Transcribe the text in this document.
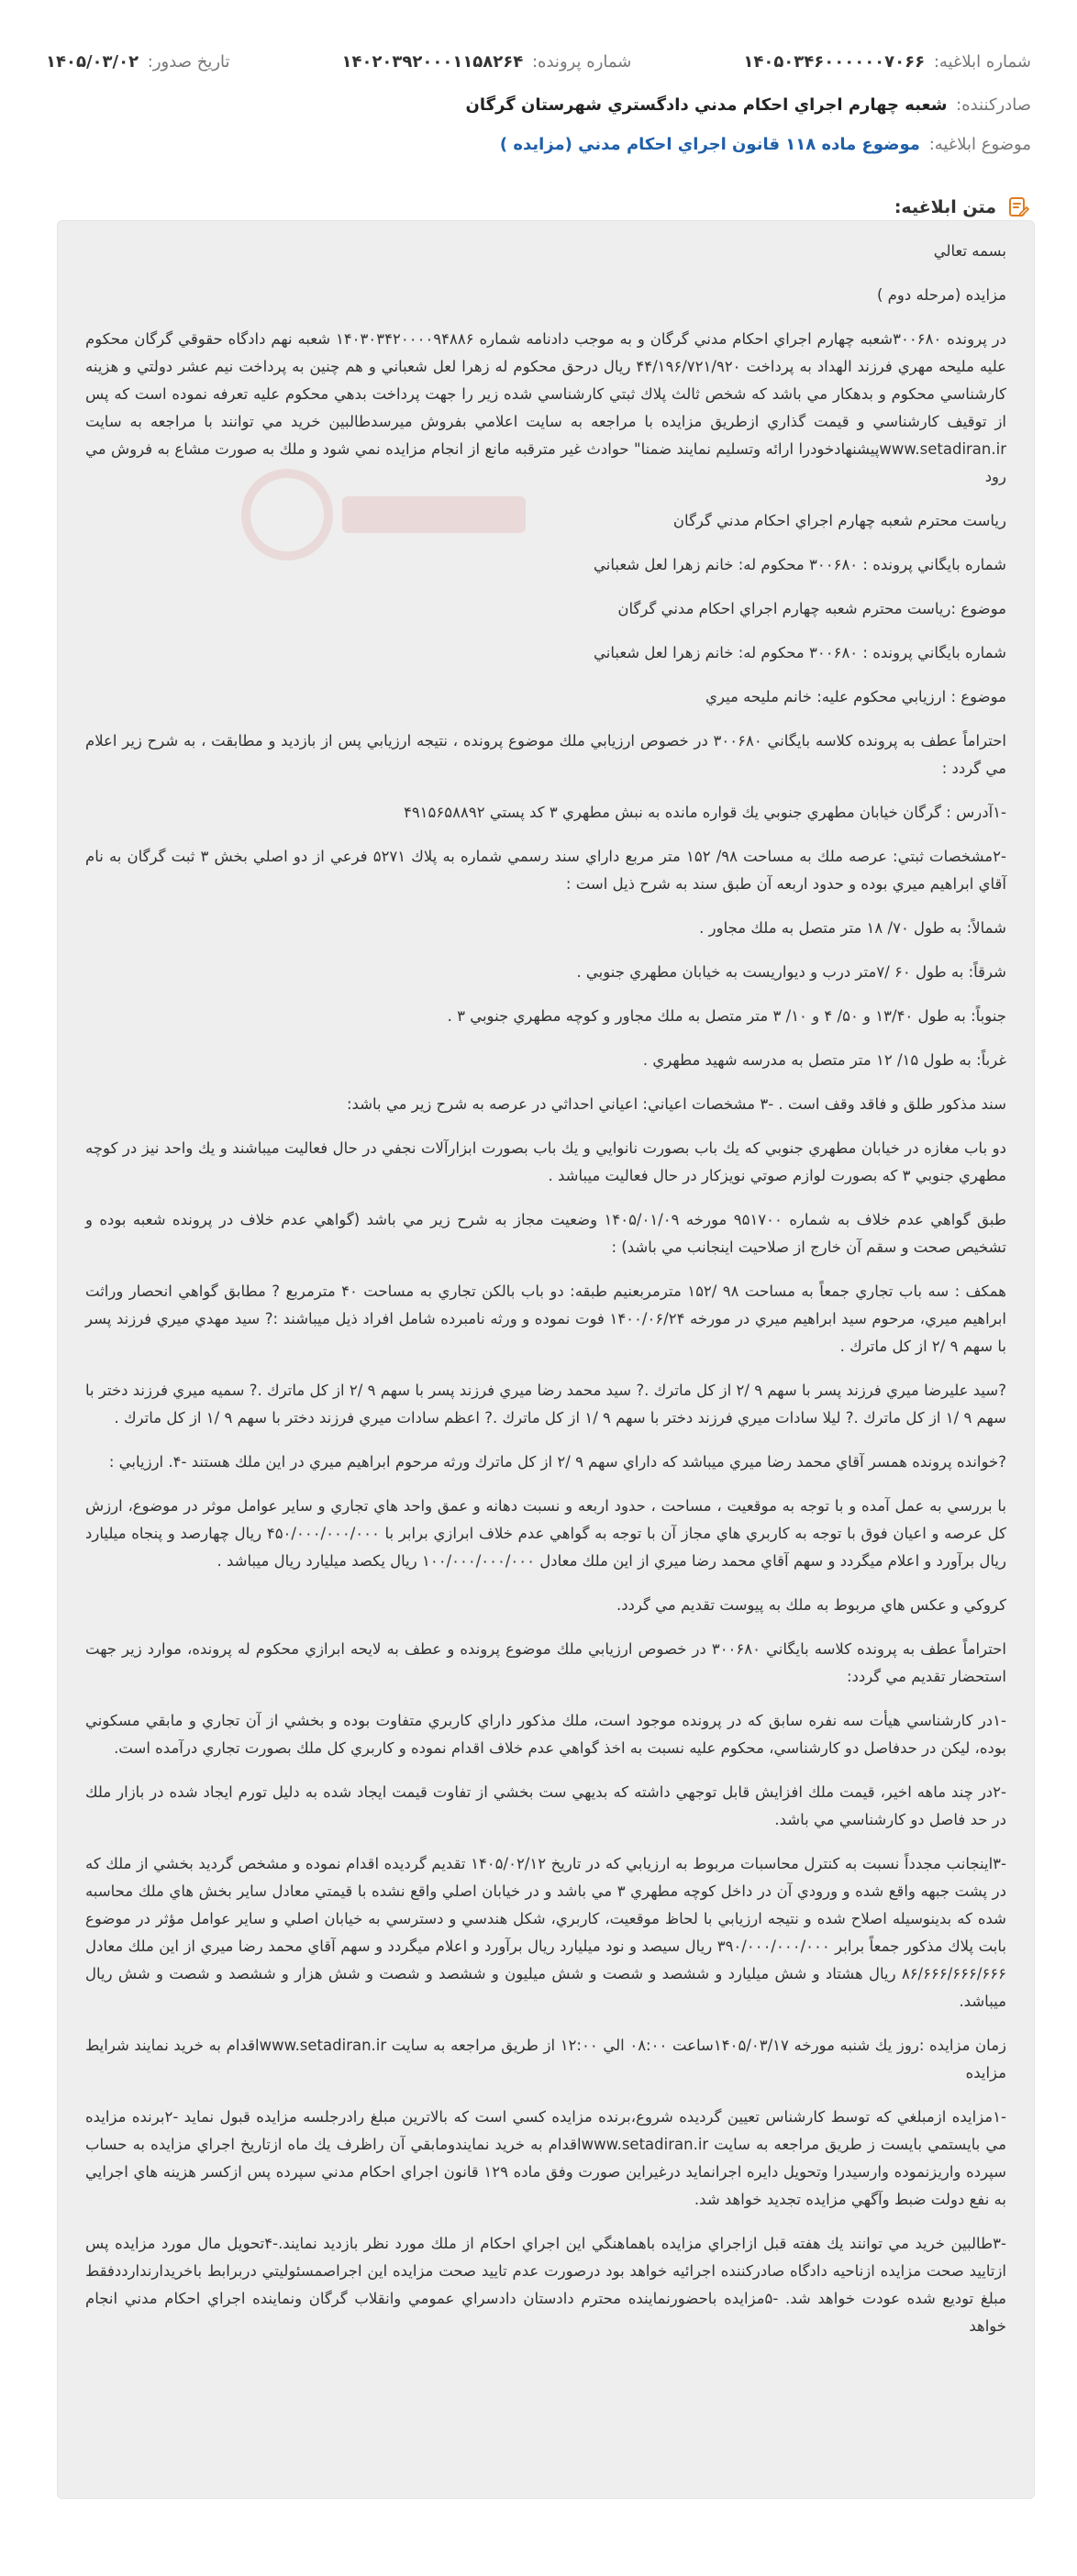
شماره ابلاغيه: ۱۴۰۵۰۳۴۶۰۰۰۰۰۰۷۰۶۶
شماره پرونده: ۱۴۰۲۰۳۹۲۰۰۰۱۱۵۸۲۶۴
تاريخ صدور: ۱۴۰۵/۰۳/۰۲
صادرکننده: شعبه چهارم اجراي احكام مدني دادگستري شهرستان گرگان
موضوع ابلاغيه: موضوع ماده ۱۱۸ قانون اجراي احكام مدني (مزايده )
متن ابلاغيه:

بسمه تعالي

مزايده (مرحله دوم )

در پرونده ۳۰۰۶۸۰شعبه چهارم اجراي احكام مدني گرگان و به موجب دادنامه شماره ۱۴۰۳۰۳۴۲۰۰۰۰۹۴۸۸۶ شعبه نهم دادگاه حقوقي گرگان محكوم عليه مليحه مهري فرزند الهداد به پرداخت ۴۴/۱۹۶/۷۲۱/۹۲۰ ريال درحق محكوم له زهرا لعل شعباني و هم چنين به پرداخت نيم عشر دولتي و هزينه كارشناسي محكوم و بدهكار مي باشد كه شخص ثالث پلاك ثبتي كارشناسي شده زير را جهت پرداخت بدهي محكوم عليه تعرفه نموده است كه پس از توقيف كارشناسي و قيمت گذاري ازطريق مزايده با مراجعه به سايت اعلامي بفروش ميرسدطالبين خريد مي توانند با مراجعه به سايت www.setadiran.irپيشنهادخودرا ارائه وتسليم نمايند ضمنا" حوادث غير مترقبه مانع از انجام مزايده نمي شود و ملك به صورت مشاع به فروش مي رود

رياست محترم شعبه چهارم اجراي احكام مدني گرگان

شماره بايگاني پرونده : ۳۰۰۶۸۰ محكوم له: خانم زهرا لعل شعباني

موضوع :رياست محترم شعبه چهارم اجراي احكام مدني گرگان

شماره بايگاني پرونده : ۳۰۰۶۸۰ محكوم له: خانم زهرا لعل شعباني

موضوع : ارزيابي محكوم عليه: خانم مليحه ميري

احتراماً عطف به پرونده كلاسه بايگاني ۳۰۰۶۸۰ در خصوص ارزيابي ملك موضوع پرونده ، نتيجه ارزيابي پس از بازديد و مطابقت ، به شرح زير اعلام مي گردد :

-۱آدرس : گرگان خيابان مطهري جنوبي يك قواره مانده به نبش مطهري ۳ كد پستي ۴۹۱۵۶۵۸۸۹۲

-۲مشخصات ثبتي: عرصه ملك به مساحت ۹۸/ ۱۵۲ متر مربع داراي سند رسمي شماره به پلاك ۵۲۷۱ فرعي از دو اصلي بخش ۳ ثبت گرگان به نام آقاي ابراهيم ميري بوده و حدود اربعه آن طبق سند به شرح ذيل است :

شمالاً: به طول ۷۰/ ۱۸ متر متصل به ملك مجاور .

شرقاً: به طول ۶۰ /۷متر درب و ديواريست به خيابان مطهري جنوبي .

جنوباً: به طول ۱۳/۴۰ و ۵۰/ ۴ و ۱۰/ ۳ متر متصل به ملك مجاور و كوچه مطهري جنوبي ۳ .

غرباً: به طول ۱۵/ ۱۲ متر متصل به مدرسه شهيد مطهري .

سند مذكور طلق و فاقد وقف است . -۳ مشخصات اعياني: اعياني احداثي در عرصه به شرح زير مي باشد:

دو باب مغازه در خيابان مطهري جنوبي كه يك باب بصورت نانوايي و يك باب بصورت ابزارآلات نجفي در حال فعاليت ميباشند و يك واحد نيز در كوچه مطهري جنوبي ۳ كه بصورت لوازم صوتي نويزكار در حال فعاليت ميباشد .

طبق گواهي عدم خلاف به شماره ۹۵۱۷۰۰ مورخه ۱۴۰۵/۰۱/۰۹ وضعيت مجاز به شرح زير مي باشد (گواهي عدم خلاف در پرونده شعبه بوده و تشخيص صحت و سقم آن خارج از صلاحيت اينجانب مي باشد) :

همكف : سه باب تجاري جمعاً به مساحت ۹۸ /۱۵۲ مترمربعنيم طبقه: دو باب بالكن تجاري به مساحت ۴۰ مترمربع ? مطابق گواهي انحصار وراثت ابراهيم ميري، مرحوم سيد ابراهيم ميري در مورخه ۱۴۰۰/۰۶/۲۴ فوت نموده و ورثه نامبرده شامل افراد ذيل ميباشند :? سيد مهدي ميري فرزند پسر با سهم ۹ /۲ از كل ماترك .

?سيد عليرضا ميري فرزند پسر با سهم ۹ /۲ از كل ماترك .? سيد محمد رضا ميري فرزند پسر با سهم ۹ /۲ از كل ماترك .? سميه ميري فرزند دختر با سهم ۹ /۱ از كل ماترك .? ليلا سادات ميري فرزند دختر با سهم ۹ /۱ از كل ماترك .? اعظم سادات ميري فرزند دختر با سهم ۹ /۱ از كل ماترك .

?خوانده پرونده همسر آقاي محمد رضا ميري ميباشد كه داراي سهم ۹ /۲ از كل ماترك ورثه مرحوم ابراهيم ميري در اين ملك هستند -۴. ارزيابي :

با بررسي به عمل آمده و با توجه به موقعيت ، مساحت ، حدود اربعه و نسبت دهانه و عمق واحد هاي تجاري و ساير عوامل موثر در موضوع، ارزش كل عرصه و اعيان فوق با توجه به كاربري هاي مجاز آن با توجه به گواهي عدم خلاف ابرازي برابر با ۴۵۰/۰۰۰/۰۰۰/۰۰۰ ريال چهارصد و پنجاه ميليارد ريال برآورد و اعلام ميگردد و سهم آقاي محمد رضا ميري از اين ملك معادل ۱۰۰/۰۰۰/۰۰۰/۰۰۰ ريال يكصد ميليارد ريال ميباشد .

كروكي و عكس هاي مربوط به ملك به پيوست تقديم مي گردد.

احتراماً عطف به پرونده كلاسه بايگاني ۳۰۰۶۸۰ در خصوص ارزيابي ملك موضوع پرونده و عطف به لايحه ابرازي محكوم له پرونده، موارد زير جهت استحضار تقديم مي گردد:

-۱در كارشناسي هيأت سه نفره سابق كه در پرونده موجود است، ملك مذكور داراي كاربري متفاوت بوده و بخشي از آن تجاري و مابقي مسكوني بوده، ليكن در حدفاصل دو كارشناسي، محكوم عليه نسبت به اخذ گواهي عدم خلاف اقدام نموده و كاربري كل ملك بصورت تجاري درآمده است.

-۲در چند ماهه اخير، قيمت ملك افزايش قابل توجهي داشته كه بديهي ست بخشي از تفاوت قيمت ايجاد شده به دليل تورم ايجاد شده در بازار ملك در حد فاصل دو كارشناسي مي باشد.

-۳اينجانب مجدداً نسبت به كنترل محاسبات مربوط به ارزيابي كه در تاريخ ۱۴۰۵/۰۲/۱۲ تقديم گرديده اقدام نموده و مشخص گرديد بخشي از ملك كه در پشت جبهه واقع شده و ورودي آن در داخل كوچه مطهري ۳ مي باشد و در خيابان اصلي واقع نشده با قيمتي معادل ساير بخش هاي ملك محاسبه شده كه بدينوسيله اصلاح شده و نتيجه ارزيابي با لحاظ موقعيت، كاربري، شكل هندسي و دسترسي به خيابان اصلي و ساير عوامل مؤثر در موضوع بابت پلاك مذكور جمعاً برابر ۳۹۰/۰۰۰/۰۰۰/۰۰۰ ريال سيصد و نود ميليارد ريال برآورد و اعلام ميگردد و سهم آقاي محمد رضا ميري از اين ملك معادل ۸۶/۶۶۶/۶۶۶/۶۶۶ ريال هشتاد و شش ميليارد و ششصد و شصت و شش ميليون و ششصد و شصت و شش هزار و ششصد و شصت و شش ريال ميباشد.

زمان مزايده :روز يك شنبه مورخه ۱۴۰۵/۰۳/۱۷ساعت ۰۸:۰۰ الي ۱۲:۰۰ از طريق مراجعه به سايت www.setadiran.irاقدام به خريد نمايند شرايط مزايده

-۱مزايده ازمبلغي كه توسط كارشناس تعيين گرديده شروع،برنده مزايده كسي است كه بالاترين مبلغ رادرجلسه مزايده قبول نمايد -۲برنده مزايده مي بايستمي بايست ز طريق مراجعه به سايت www.setadiran.irاقدام به خريد نمايندومابقي آن راظرف يك ماه ازتاريخ اجراي مزايده به حساب سپرده واريزنموده وارسيدرا وتحويل دايره اجرانمايد درغيراين صورت وفق ماده ۱۲۹ قانون اجراي احكام مدني سپرده پس ازكسر هزينه هاي اجرايي به نفع دولت ضبط وآگهي مزايده تجديد خواهد شد.

-۳طالبين خريد مي توانند يك هفته قبل ازاجراي مزايده باهماهنگي اين اجراي احكام از ملك مورد نظر بازديد نمايند.-۴تحويل مال مورد مزايده پس ازتاييد صحت مزايده ازناحيه دادگاه صادركننده اجرائيه خواهد بود درصورت عدم تاييد صحت مزايده اين اجراصمسئوليتي دربرابط باخريدارندارددفقط مبلغ توديع شده عودت خواهد شد. -۵مزايده باحضورنماينده محترم دادستان دادسراي عمومي وانقلاب گرگان ونماينده اجراي احكام مدني انجام خواهد
